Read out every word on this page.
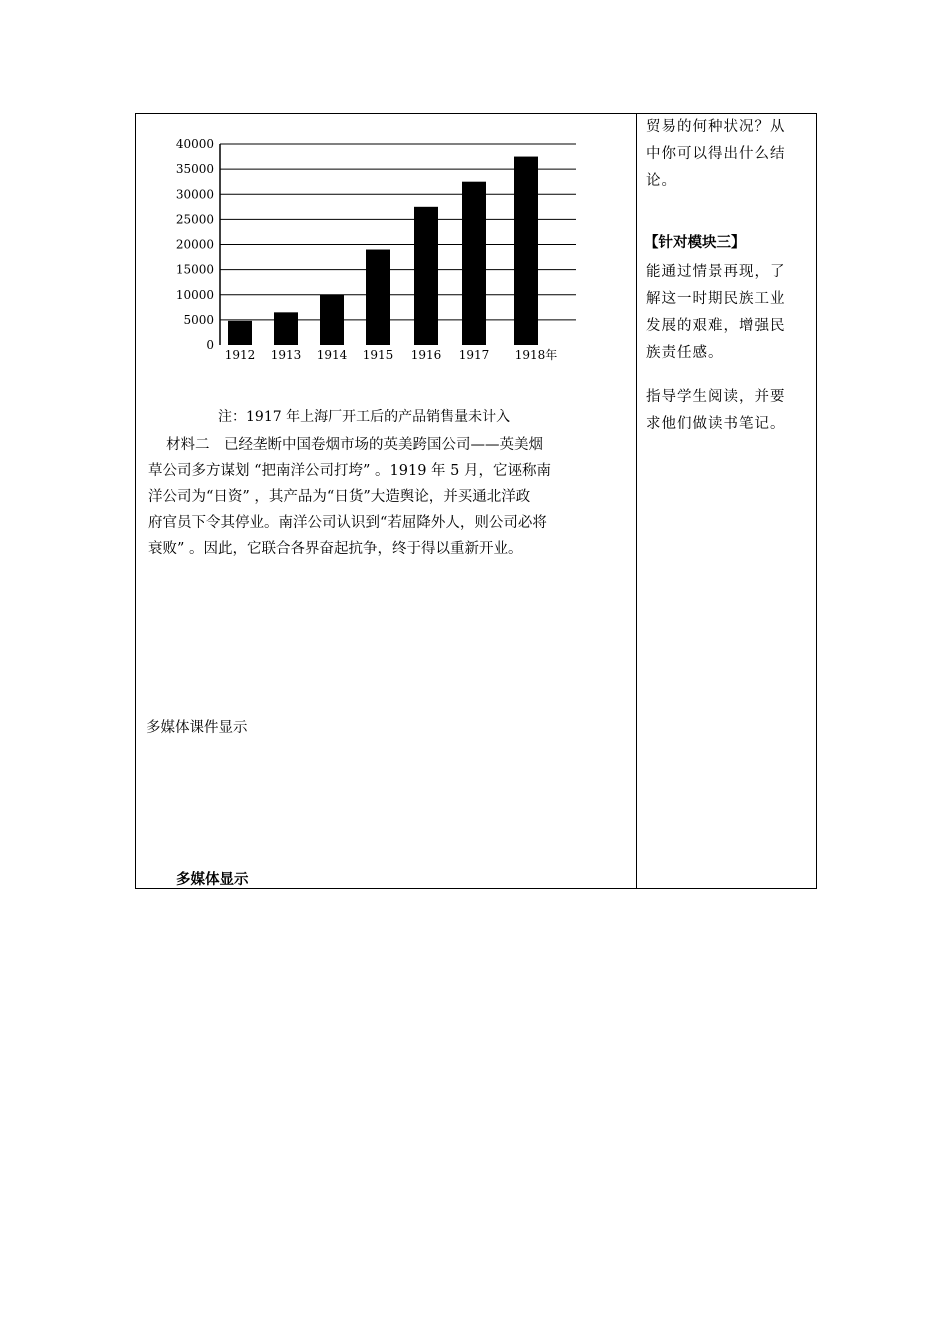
0
5000
10000
15000
20000
25000
30000
35000
40000
1912 1913 1914 1915 1916 1917 1918年
注：1917 年上海厂开工后的产品销售量未计入
材料二　已经垄断中国卷烟市场的英美跨国公司——英美烟
草公司多方谋划 “把南洋公司打垮” 。1919 年 5 月，它诬称南
洋公司为“日资” ，其产品为“日货”大造舆论，并买通北洋政
府官员下令其停业。南洋公司认识到“若屈降外人，则公司必将
衰败” 。因此，它联合各界奋起抗争，终于得以重新开业。
多媒体课件显示
多媒体显示
贸易的何种状况？从
中你可以得出什么结
论。
【针对模块三】
能通过情景再现，了
解这一时期民族工业
发展的艰难，增强民
族责任感。
指导学生阅读，并要
求他们做读书笔记。
